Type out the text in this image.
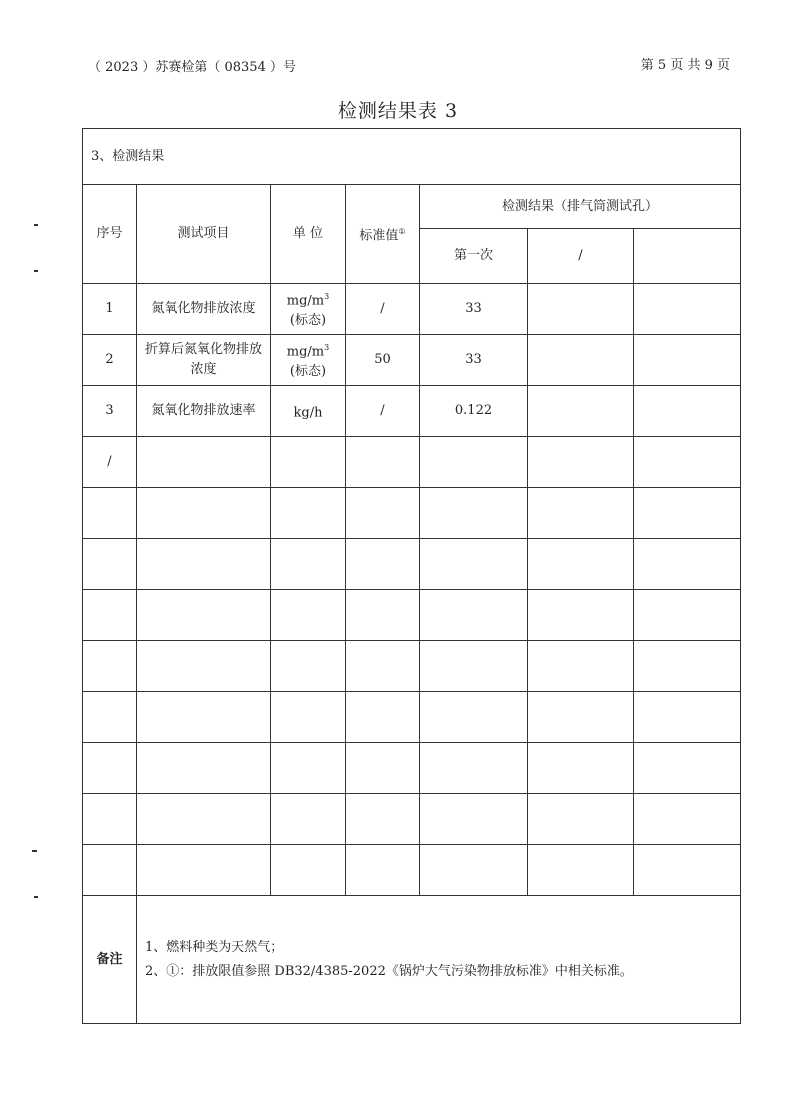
（ 2023 ）苏赛检第（ 08354 ）号	第 5 页 共 9 页
检测结果表 3
3、检测结果						
序号	测试项目	单 位	标准值①	检测结果（排气筒测试孔）		
				第一次	/	
1	氮氧化物排放浓度	$mg/m^3$
(标态)	/	33		
2	折算后氮氧化物排放浓度	$mg/m^3$
(标态)	50	33		
3	氮氧化物排放速率	kg/h	/	0.122		
/		

备注	1、燃料种类为天然气；
2、①：排放限值参照 DB32/4385-2022《锅炉大气污染物排放标准》中相关标准。					
